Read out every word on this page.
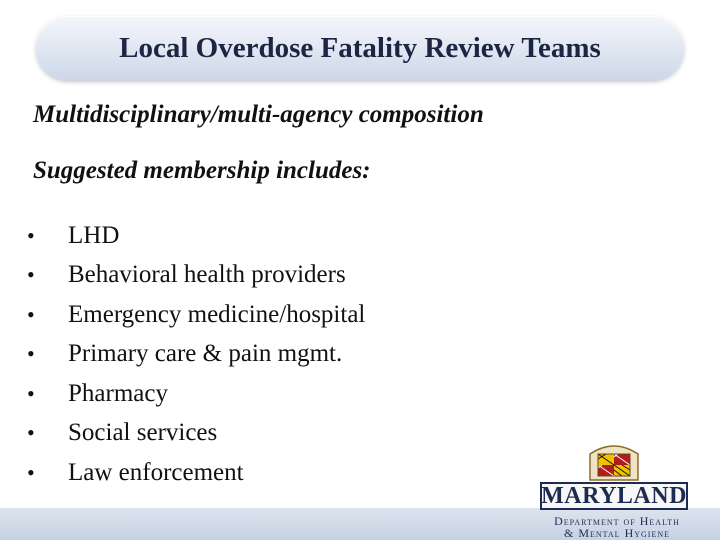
Local Overdose Fatality Review Teams
Multidisciplinary/multi-agency composition
Suggested membership includes:
•	LHD
•	Behavioral health providers
•	Emergency medicine/hospital
•	Primary care & pain mgmt.
•	Pharmacy
•	Social services
•	Law enforcement
MARYLAND
Department of Health
& Mental Hygiene
